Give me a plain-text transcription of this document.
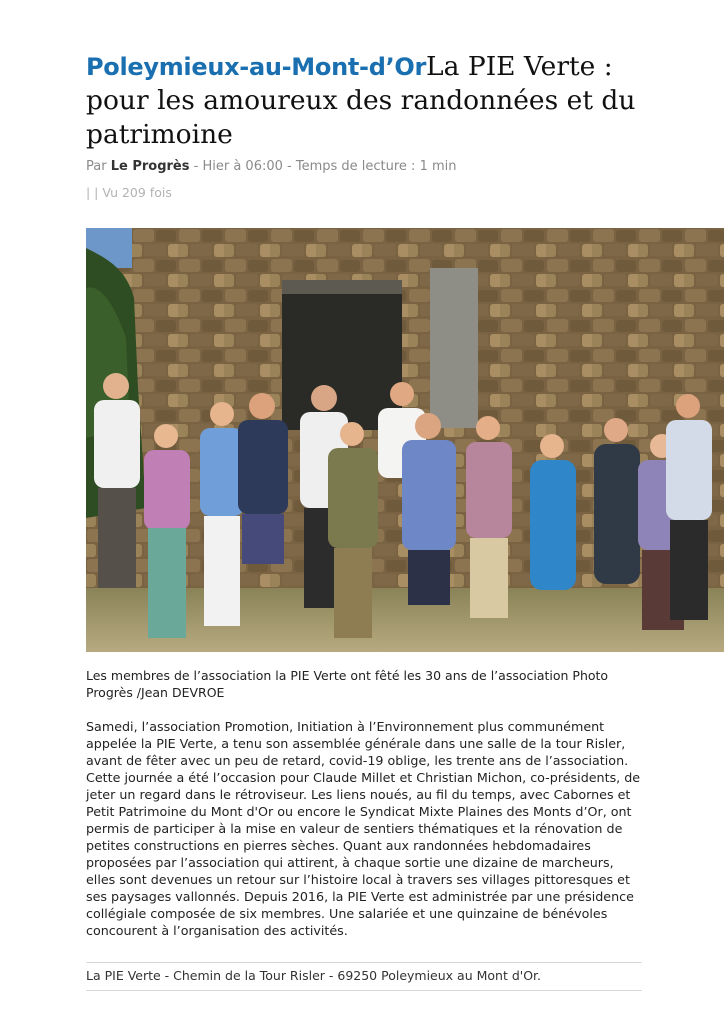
Poleymieux-au-Mont-d’OrLa PIE Verte : pour les amoureux des randonnées et du patrimoine
Par Le Progrès - Hier à 06:00 - Temps de lecture : 1 min
| | Vu 209 fois
Les membres de l’association la PIE Verte ont fêté les 30 ans de l’association Photo Progrès /Jean DEVROE

Samedi, l’association Promotion, Initiation à l’Environnement plus communément appelée la PIE Verte, a tenu son assemblée générale dans une salle de la tour Risler, avant de fêter avec un peu de retard, covid-19 oblige, les trente ans de l’association. Cette journée a été l’occasion pour Claude Millet et Christian Michon, co-présidents, de jeter un regard dans le rétroviseur. Les liens noués, au fil du temps, avec Cabornes et Petit Patrimoine du Mont d'Or ou encore le Syndicat Mixte Plaines des Monts d’Or, ont permis de participer à la mise en valeur de sentiers thématiques et la rénovation de petites constructions en pierres sèches. Quant aux randonnées hebdomadaires proposées par l’association qui attirent, à chaque sortie une dizaine de marcheurs, elles sont devenues un retour sur l’histoire local à travers ses villages pittoresques et ses paysages vallonnés. Depuis 2016, la PIE Verte est administrée par une présidence collégiale composée de six membres. Une salariée et une quinzaine de bénévoles concourent à l’organisation des activités.

La PIE Verte - Chemin de la Tour Risler - 69250 Poleymieux au Mont d'Or.
